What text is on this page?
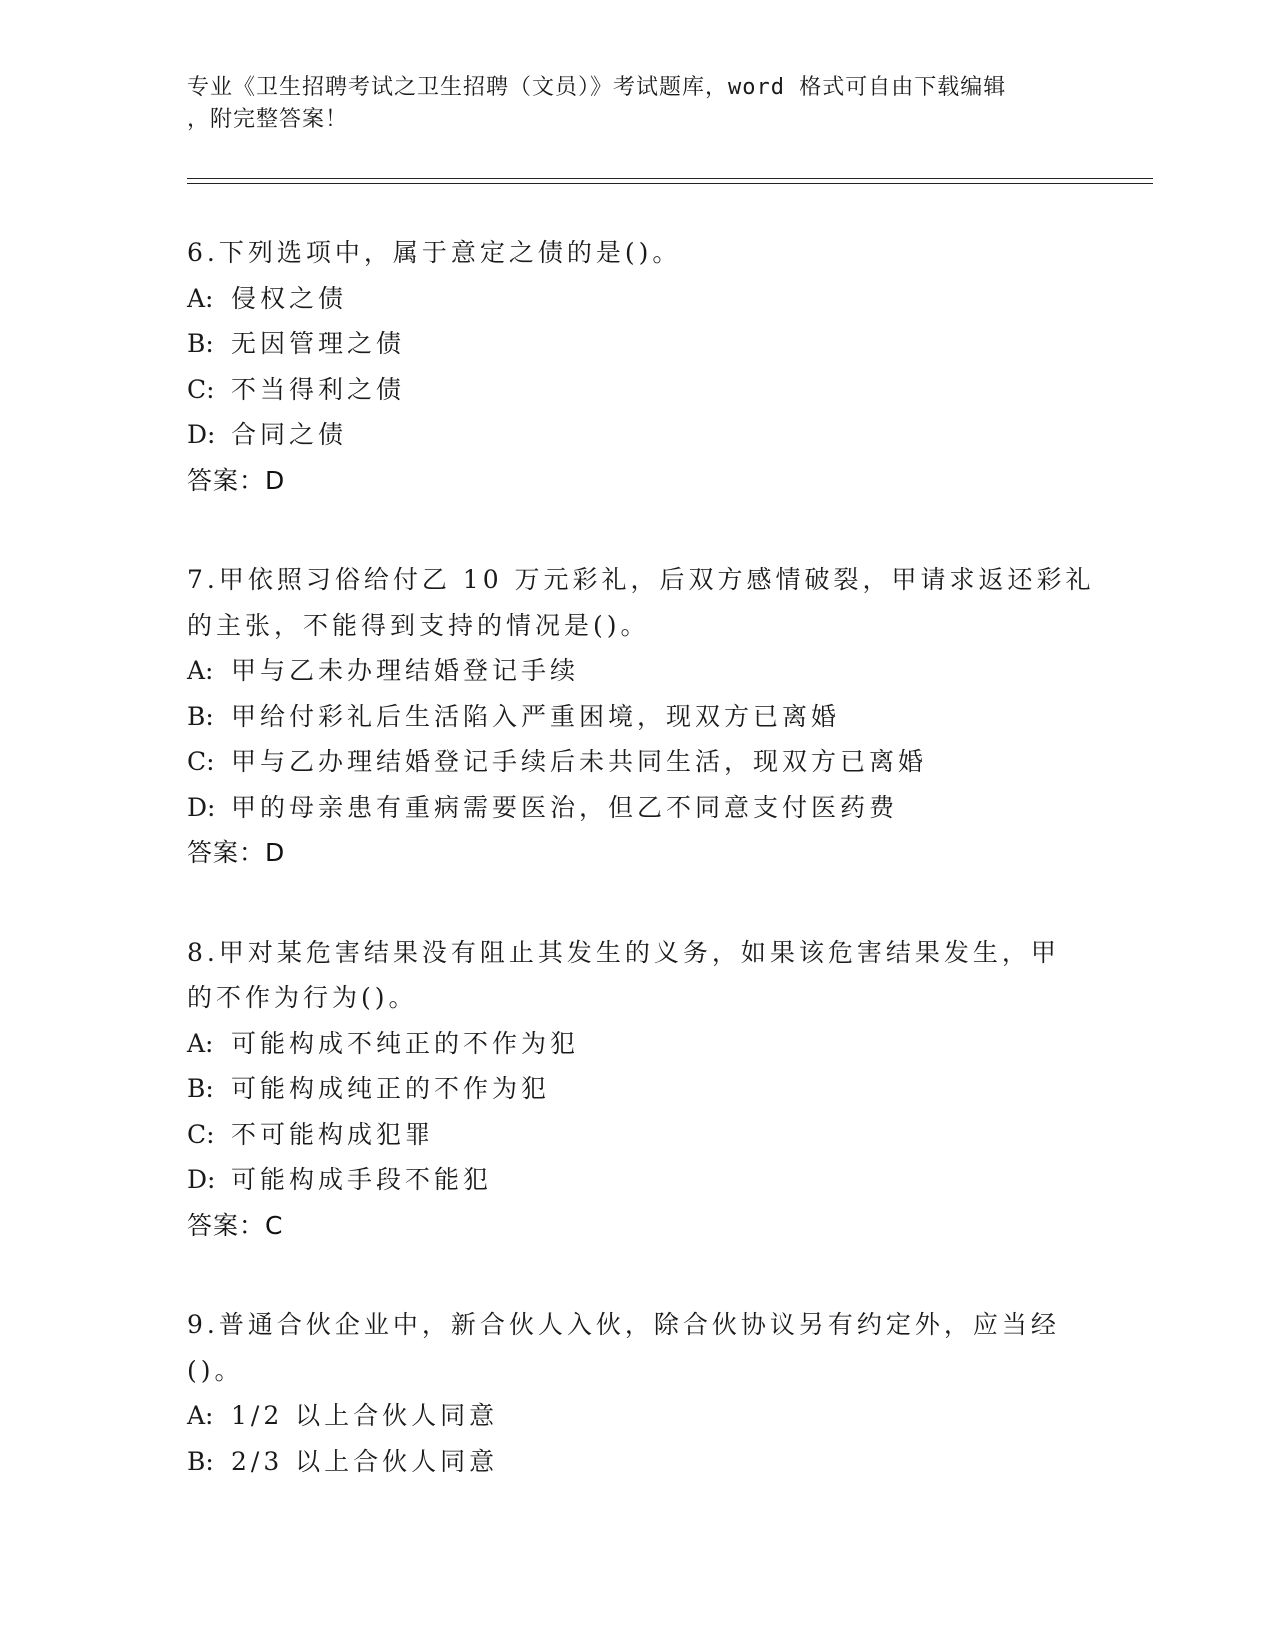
专业《卫生招聘考试之卫生招聘（文员）》考试题库，word 格式可自由下载编辑
，附完整答案！
6.下列选项中，属于意定之债的是()。
A: 侵权之债
B: 无因管理之债
C: 不当得利之债
D: 合同之债
答案：D
7.甲依照习俗给付乙 10 万元彩礼，后双方感情破裂，甲请求返还彩礼
的主张，不能得到支持的情况是()。
A: 甲与乙未办理结婚登记手续
B: 甲给付彩礼后生活陷入严重困境，现双方已离婚
C: 甲与乙办理结婚登记手续后未共同生活，现双方已离婚
D: 甲的母亲患有重病需要医治，但乙不同意支付医药费
答案：D
8.甲对某危害结果没有阻止其发生的义务，如果该危害结果发生，甲
的不作为行为()。
A: 可能构成不纯正的不作为犯
B: 可能构成纯正的不作为犯
C: 不可能构成犯罪
D: 可能构成手段不能犯
答案：C
9.普通合伙企业中，新合伙人入伙，除合伙协议另有约定外，应当经
()。
A: 1/2 以上合伙人同意
B: 2/3 以上合伙人同意
